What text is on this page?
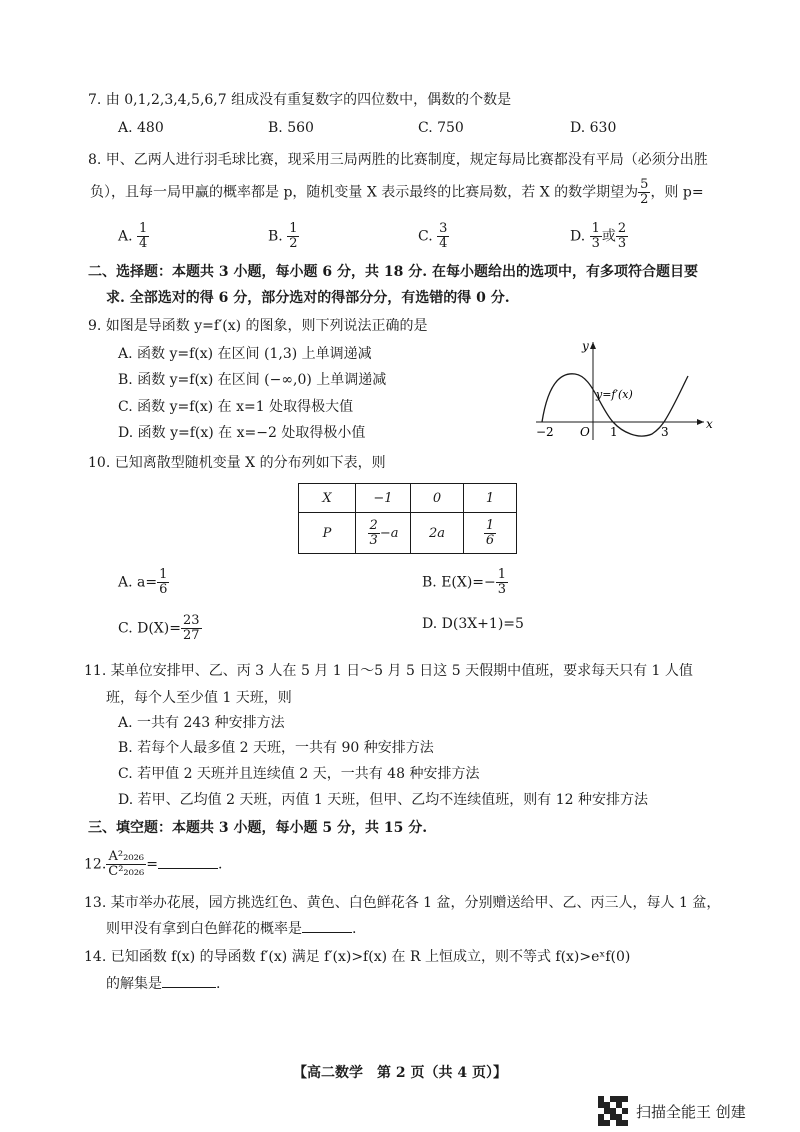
7. 由 0,1,2,3,4,5,6,7 组成没有重复数字的四位数中，偶数的个数是
A. 480	B. 560	C. 750	D. 630
8. 甲、乙两人进行羽毛球比赛，现采用三局两胜的比赛制度，规定每局比赛都没有平局（必须分出胜
负），且每一局甲赢的概率都是 p，随机变量 X 表示最终的比赛局数，若 X 的数学期望为 $\frac{5}{2}$ ，则 p=
A. $\frac{1}{4}$	B. $\frac{1}{2}$	C. $\frac{3}{4}$	D. $\frac{1}{3}$ 或 $\frac{2}{3}$
二、选择题：本题共 3 小题，每小题 6 分，共 18 分. 在每小题给出的选项中，有多项符合题目要
求. 全部选对的得 6 分，部分选对的得部分分，有选错的得 0 分.
9. 如图是导函数 y=f′(x) 的图象，则下列说法正确的是
A. 函数 y=f(x) 在区间 (1,3) 上单调递减
B. 函数 y=f(x) 在区间 (−∞,0) 上单调递减
C. 函数 y=f(x) 在 x=1 处取得极大值
D. 函数 y=f(x) 在 x=−2 处取得极小值
y
x
y=f′(x)
O
−2	1	3
10. 已知离散型随机变量 X 的分布列如下表，则
X	−1	0	1
P	$\frac{2}{3} -a$	2a	$\frac{1}{6}$
A. $a= \frac{1}{6}$	B. $E(X)=- \frac{1}{3}$
C. $D(X)= \frac{23}{27}$	D. D(3X+1)=5
11. 某单位安排甲、乙、丙 3 人在 5 月 1 日～5 月 5 日这 5 天假期中值班，要求每天只有 1 人值
班，每个人至少值 1 天班，则
A. 一共有 243 种安排方法
B. 若每个人最多值 2 天班，一共有 90 种安排方法
C. 若甲值 2 天班并且连续值 2 天，一共有 48 种安排方法
D. 若甲、乙均值 2 天班，丙值 1 天班，但甲、乙均不连续值班，则有 12 种安排方法
三、填空题：本题共 3 小题，每小题 5 分，共 15 分.
12. $\frac{\text{A²₂₀₂₆}}{\text{C²₂₀₂₆}}$ =	.
13. 某市举办花展，园方挑选红色、黄色、白色鲜花各 1 盆，分别赠送给甲、乙、丙三人，每人 1 盆，
则甲没有拿到白色鲜花的概率是	.
14. 已知函数 f(x) 的导函数 f′(x) 满足 f′(x)>f(x) 在 R 上恒成立，则不等式 f(x)>eˣf(0)
的解集是	.
【高二数学　第 2 页（共 4 页）】
扫描全能王 创建
